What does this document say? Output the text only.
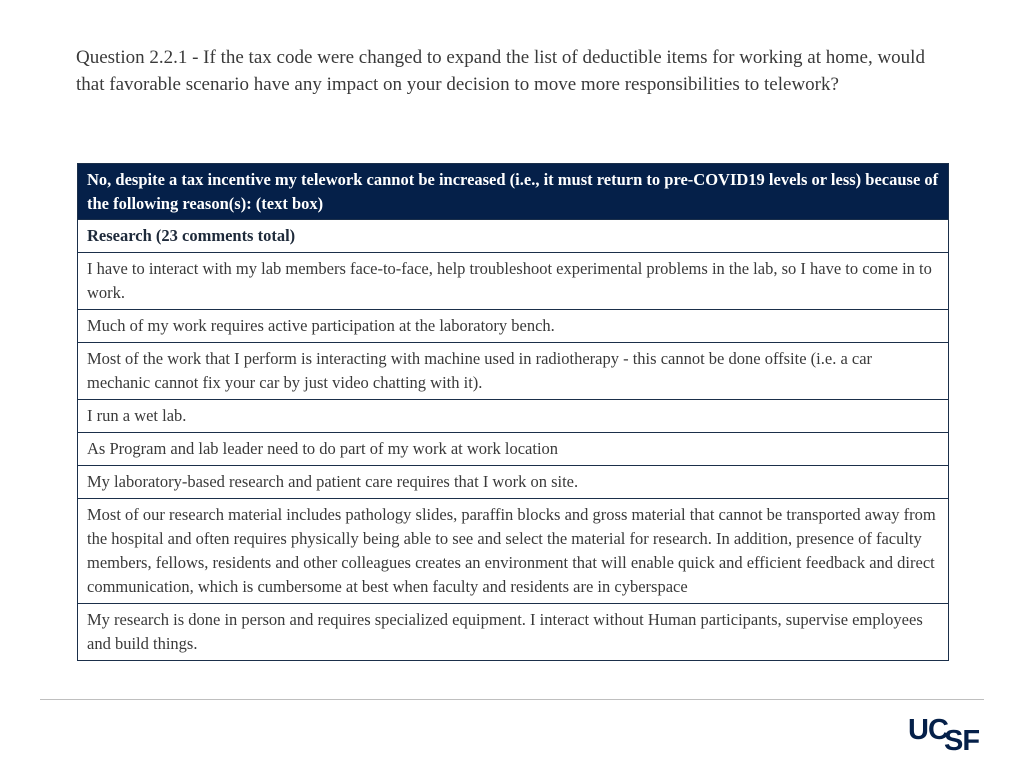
Question 2.2.1 - If the tax code were changed to expand the list of deductible items for working at home, would that favorable scenario have any impact on your decision to move more responsibilities to telework?

No, despite a tax incentive my telework cannot be increased (i.e., it must return to pre-COVID19 levels or less) because of the following reason(s): (text box)
Research (23 comments total)
I have to interact with my lab members face-to-face, help troubleshoot experimental problems in the lab, so I have to come in to work.
Much of my work requires active participation at the laboratory bench.
Most of the work that I perform is interacting with machine used in radiotherapy - this cannot be done offsite (i.e. a car mechanic cannot fix your car by just video chatting with it).
I run a wet lab.
As Program and lab leader need to do part of my work at work location
My laboratory-based research and patient care requires that I work on site.
Most of our research material includes pathology slides, paraffin blocks and gross material that cannot be transported away from the hospital and often requires physically being able to see and select the material for research. In addition, presence of faculty members, fellows, residents and other colleagues creates an environment that will enable quick and efficient feedback and direct communication, which is cumbersome at best when faculty and residents are in cyberspace
My research is done in person and requires specialized equipment. I interact without Human participants, supervise employees and build things.
UC
SF
